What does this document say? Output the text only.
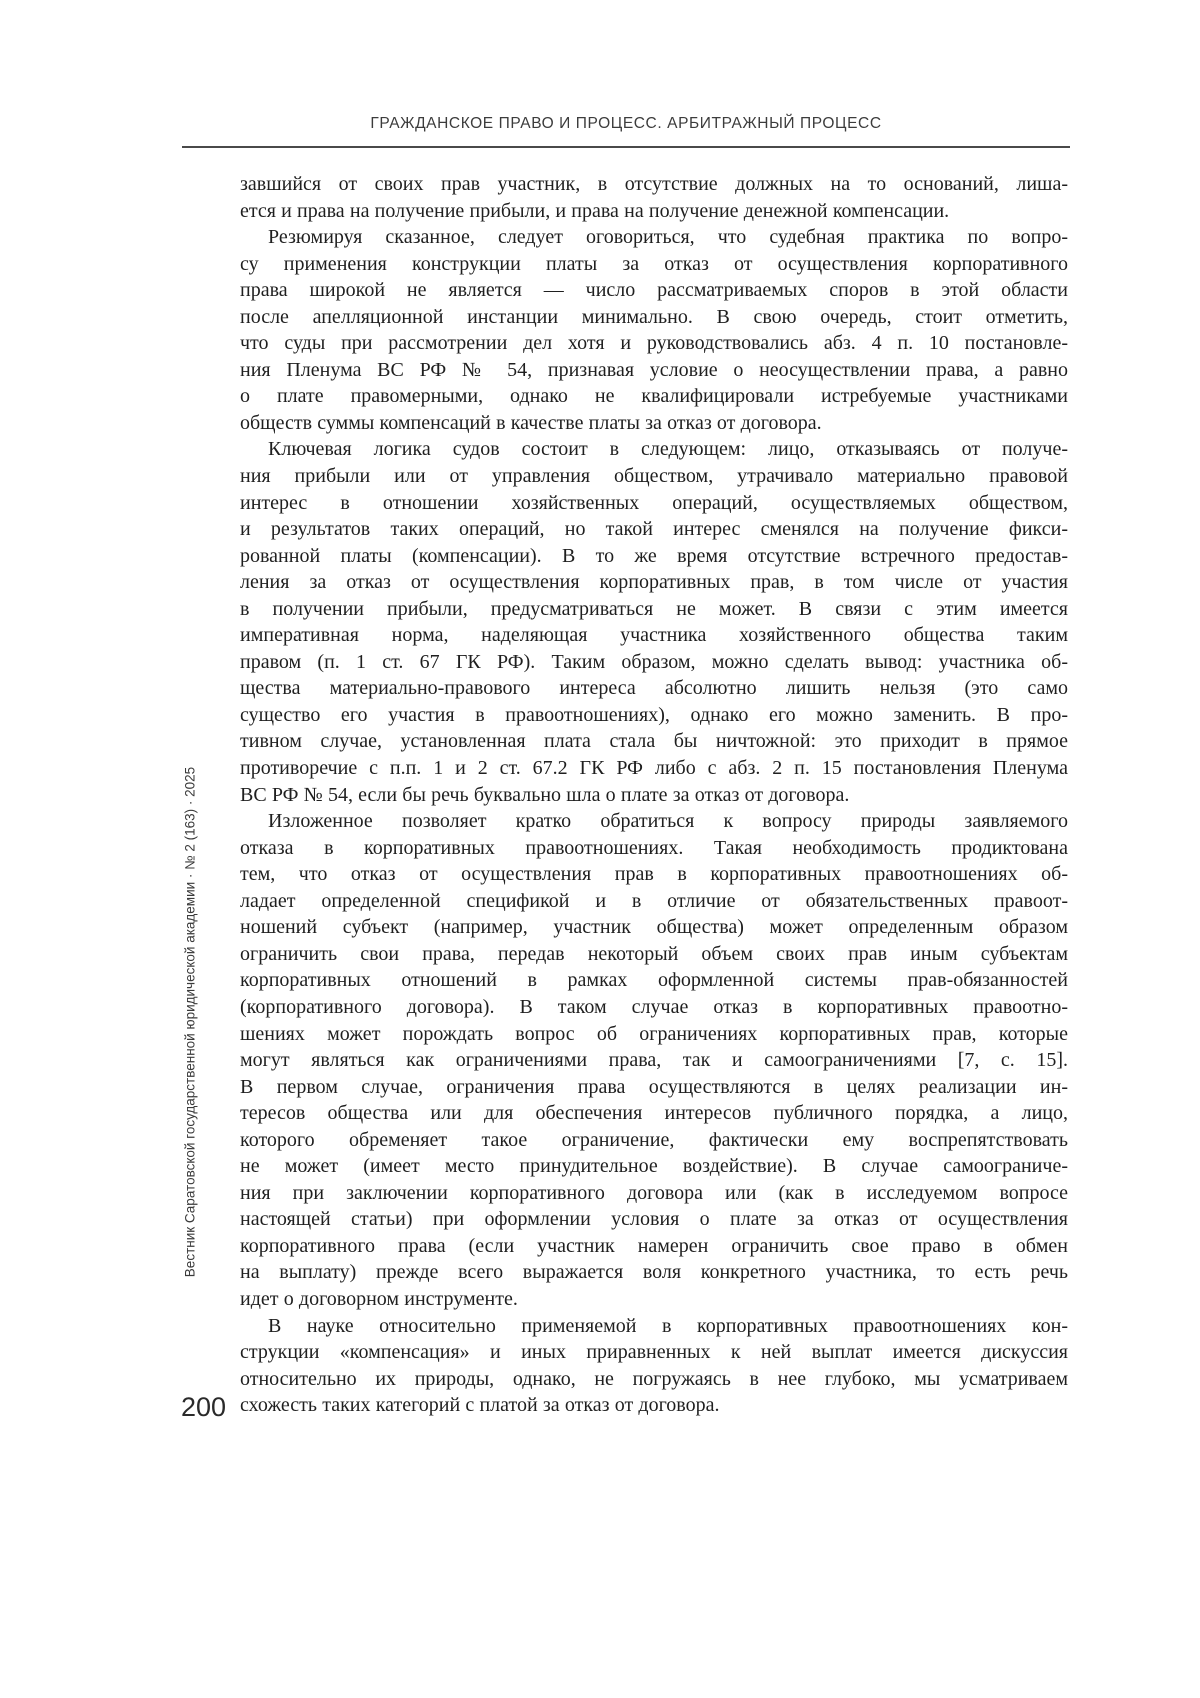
ГРАЖДАНСКОЕ ПРАВО И ПРОЦЕСС. АРБИТРАЖНЫЙ ПРОЦЕСС
Вестник Саратовской государственной юридической академии · № 2 (163) · 2025
200
завшийся от своих прав участник, в отсутствие должных на то оснований, лиша-
ется и права на получение прибыли, и права на получение денежной компенсации.
Резюмируя сказанное, следует оговориться, что судебная практика по вопро-
су применения конструкции платы за отказ от осуществления корпоративного
права широкой не является — число рассматриваемых споров в этой области
после апелляционной инстанции минимально. В свою очередь, стоит отметить,
что суды при рассмотрении дел хотя и руководствовались абз. 4 п. 10 постановле-
ния Пленума ВС РФ № 54, признавая условие о неосуществлении права, а равно
о плате правомерными, однако не квалифицировали истребуемые участниками
обществ суммы компенсаций в качестве платы за отказ от договора.
Ключевая логика судов состоит в следующем: лицо, отказываясь от получе-
ния прибыли или от управления обществом, утрачивало материально правовой
интерес в отношении хозяйственных операций, осуществляемых обществом,
и результатов таких операций, но такой интерес сменялся на получение фикси-
рованной платы (компенсации). В то же время отсутствие встречного предостав-
ления за отказ от осуществления корпоративных прав, в том числе от участия
в получении прибыли, предусматриваться не может. В связи с этим имеется
императивная норма, наделяющая участника хозяйственного общества таким
правом (п. 1 ст. 67 ГК РФ). Таким образом, можно сделать вывод: участника об-
щества материально-правового интереса абсолютно лишить нельзя (это само
существо его участия в правоотношениях), однако его можно заменить. В про-
тивном случае, установленная плата стала бы ничтожной: это приходит в прямое
противоречие с п.п. 1 и 2 ст. 67.2 ГК РФ либо с абз. 2 п. 15 постановления Пленума
ВС РФ № 54, если бы речь буквально шла о плате за отказ от договора.
Изложенное позволяет кратко обратиться к вопросу природы заявляемого
отказа в корпоративных правоотношениях. Такая необходимость продиктована
тем, что отказ от осуществления прав в корпоративных правоотношениях об-
ладает определенной спецификой и в отличие от обязательственных правоот-
ношений субъект (например, участник общества) может определенным образом
ограничить свои права, передав некоторый объем своих прав иным субъектам
корпоративных отношений в рамках оформленной системы прав-обязанностей
(корпоративного договора). В таком случае отказ в корпоративных правоотно-
шениях может порождать вопрос об ограничениях корпоративных прав, которые
могут являться как ограничениями права, так и самоограничениями [7, с. 15].
В первом случае, ограничения права осуществляются в целях реализации ин-
тересов общества или для обеспечения интересов публичного порядка, а лицо,
которого обременяет такое ограничение, фактически ему воспрепятствовать
не может (имеет место принудительное воздействие). В случае самоограниче-
ния при заключении корпоративного договора или (как в исследуемом вопросе
настоящей статьи) при оформлении условия о плате за отказ от осуществления
корпоративного права (если участник намерен ограничить свое право в обмен
на выплату) прежде всего выражается воля конкретного участника, то есть речь
идет о договорном инструменте.
В науке относительно применяемой в корпоративных правоотношениях кон-
струкции «компенсация» и иных приравненных к ней выплат имеется дискуссия
относительно их природы, однако, не погружаясь в нее глубоко, мы усматриваем
схожесть таких категорий с платой за отказ от договора.
